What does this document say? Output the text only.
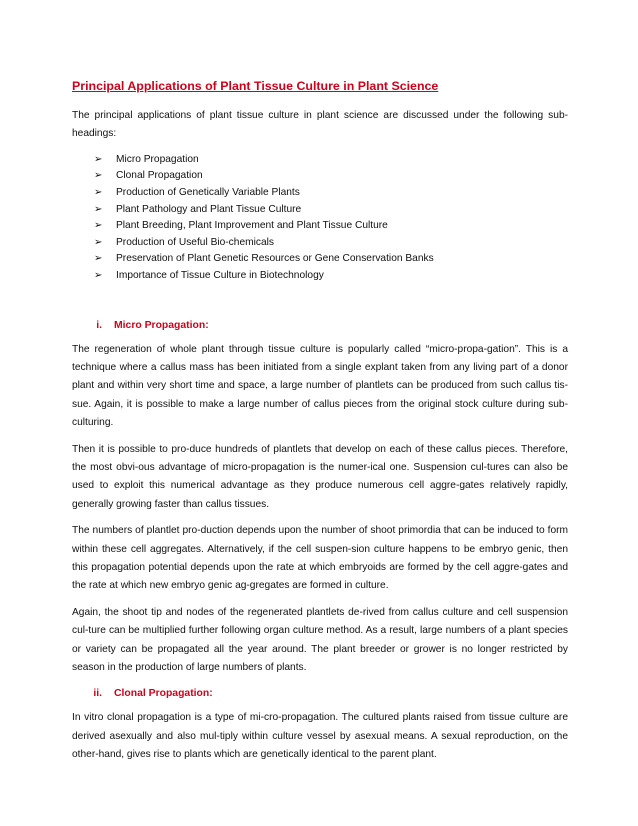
Principal Applications of Plant Tissue Culture in Plant Science

The principal applications of plant tissue culture in plant science are discussed under the following sub-headings:

➢	Micro Propagation
➢	Clonal Propagation
➢	Production of Genetically Variable Plants
➢	Plant Pathology and Plant Tissue Culture
➢	Plant Breeding, Plant Improvement and Plant Tissue Culture
➢	Production of Useful Bio-chemicals
➢	Preservation of Plant Genetic Resources or Gene Conservation Banks
➢	Importance of Tissue Culture in Biotechnology
i. Micro Propagation:

The regeneration of whole plant through tissue culture is popularly called “micro-propa-gation”. This is a technique where a callus mass has been initiated from a single explant taken from any living part of a donor plant and within very short time and space, a large number of plantlets can be produced from such callus tis-sue. Again, it is possible to make a large number of callus pieces from the original stock culture during sub-culturing.

Then it is possible to pro-duce hundreds of plantlets that develop on each of these callus pieces. Therefore, the most obvi-ous advantage of micro-propagation is the numer-ical one. Suspension cul-tures can also be used to exploit this numerical advantage as they produce numerous cell aggre-gates relatively rapidly, generally growing faster than callus tissues.

The numbers of plantlet pro-duction depends upon the number of shoot primordia that can be induced to form within these cell aggregates. Alternatively, if the cell suspen-sion culture happens to be embryo genic, then this propagation potential depends upon the rate at which embryoids are formed by the cell aggre-gates and the rate at which new embryo genic ag-gregates are formed in culture.

Again, the shoot tip and nodes of the regenerated plantlets de-rived from callus culture and cell suspension cul-ture can be multiplied further following organ culture method. As a result, large numbers of a plant species or variety can be propagated all the year around. The plant breeder or grower is no longer restricted by season in the production of large numbers of plants.

ii. Clonal Propagation:

In vitro clonal propagation is a type of mi-cro-propagation. The cultured plants raised from tissue culture are derived asexually and also mul-tiply within culture vessel by asexual means. A sexual reproduction, on the other-hand, gives rise to plants which are genetically identical to the parent plant.
